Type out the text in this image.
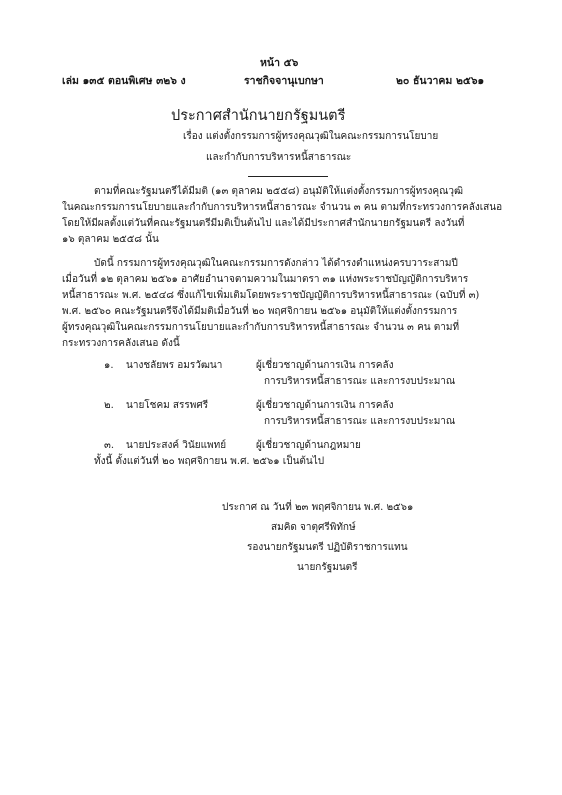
หน้า ๕๖
เล่ม ๑๓๕ ตอนพิเศษ ๓๒๖ ง	ราชกิจจานุเบกษา	๒๐ ธันวาคม ๒๕๖๑
ประกาศสำนักนายกรัฐมนตรี
เรื่อง แต่งตั้งกรรมการผู้ทรงคุณวุฒิในคณะกรรมการนโยบาย
และกำกับการบริหารหนี้สาธารณะ
ตามที่คณะรัฐมนตรีได้มีมติ (๑๓ ตุลาคม ๒๕๕๘) อนุมัติให้แต่งตั้งกรรมการผู้ทรงคุณวุฒิ
ในคณะกรรมการนโยบายและกำกับการบริหารหนี้สาธารณะ จำนวน ๓ คน ตามที่กระทรวงการคลังเสนอ
โดยให้มีผลตั้งแต่วันที่คณะรัฐมนตรีมีมติเป็นต้นไป และได้มีประกาศสำนักนายกรัฐมนตรี ลงวันที่
๑๖ ตุลาคม ๒๕๕๘ นั้น
บัดนี้ กรรมการผู้ทรงคุณวุฒิในคณะกรรมการดังกล่าว ได้ดำรงตำแหน่งครบวาระสามปี
เมื่อวันที่ ๑๒ ตุลาคม ๒๕๖๑ อาศัยอำนาจตามความในมาตรา ๓๑ แห่งพระราชบัญญัติการบริหาร
หนี้สาธารณะ พ.ศ. ๒๕๔๘ ซึ่งแก้ไขเพิ่มเติมโดยพระราชบัญญัติการบริหารหนี้สาธารณะ (ฉบับที่ ๓)
พ.ศ. ๒๕๖๐ คณะรัฐมนตรีจึงได้มีมติเมื่อวันที่ ๒๐ พฤศจิกายน ๒๕๖๑ อนุมัติให้แต่งตั้งกรรมการ
ผู้ทรงคุณวุฒิในคณะกรรมการนโยบายและกำกับการบริหารหนี้สาธารณะ จำนวน ๓ คน ตามที่
กระทรวงการคลังเสนอ ดังนี้
๑. นางชลัยพร อมรวัฒนา	ผู้เชี่ยวชาญด้านการเงิน การคลัง
การบริหารหนี้สาธารณะ และการงบประมาณ
๒. นายโชคม สรรพศรี	ผู้เชี่ยวชาญด้านการเงิน การคลัง
การบริหารหนี้สาธารณะ และการงบประมาณ
๓. นายประสงค์ วินัยแพทย์	ผู้เชี่ยวชาญด้านกฎหมาย
ทั้งนี้ ตั้งแต่วันที่ ๒๐ พฤศจิกายน พ.ศ. ๒๕๖๑ เป็นต้นไป
ประกาศ ณ วันที่ ๒๓ พฤศจิกายน พ.ศ. ๒๕๖๑
สมคิด จาตุศรีพิทักษ์
รองนายกรัฐมนตรี ปฏิบัติราชการแทน
นายกรัฐมนตรี
